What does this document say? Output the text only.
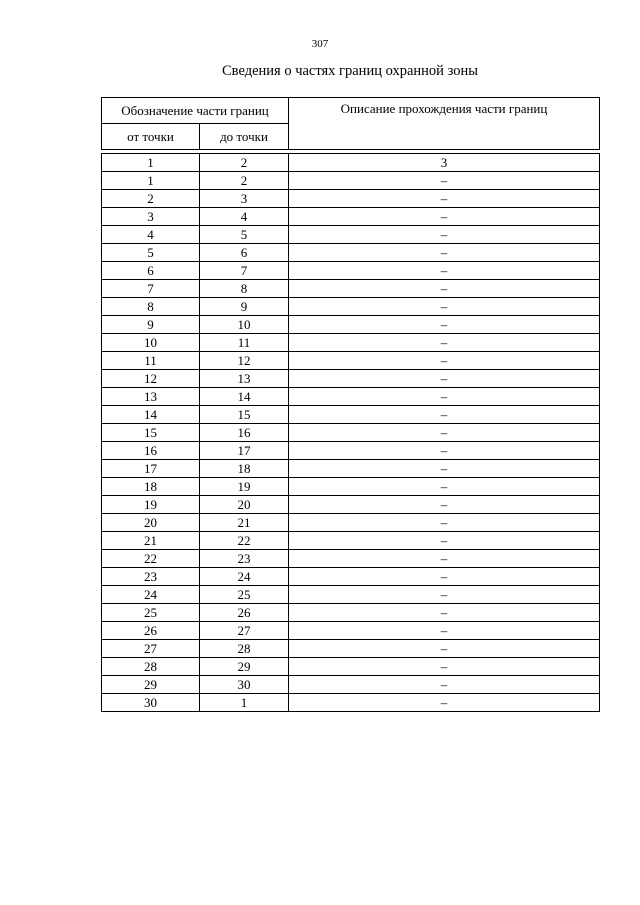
307
Сведения о частях границ охранной зоны
Обозначение части границ		Описание прохождения части границ
от точки	до точки	

1	2	3
1	2	–
2	3	–
3	4	–
4	5	–
5	6	–
6	7	–
7	8	–
8	9	–
9	10	–
10	11	–
11	12	–
12	13	–
13	14	–
14	15	–
15	16	–
16	17	–
17	18	–
18	19	–
19	20	–
20	21	–
21	22	–
22	23	–
23	24	–
24	25	–
25	26	–
26	27	–
27	28	–
28	29	–
29	30	–
30	1	–
